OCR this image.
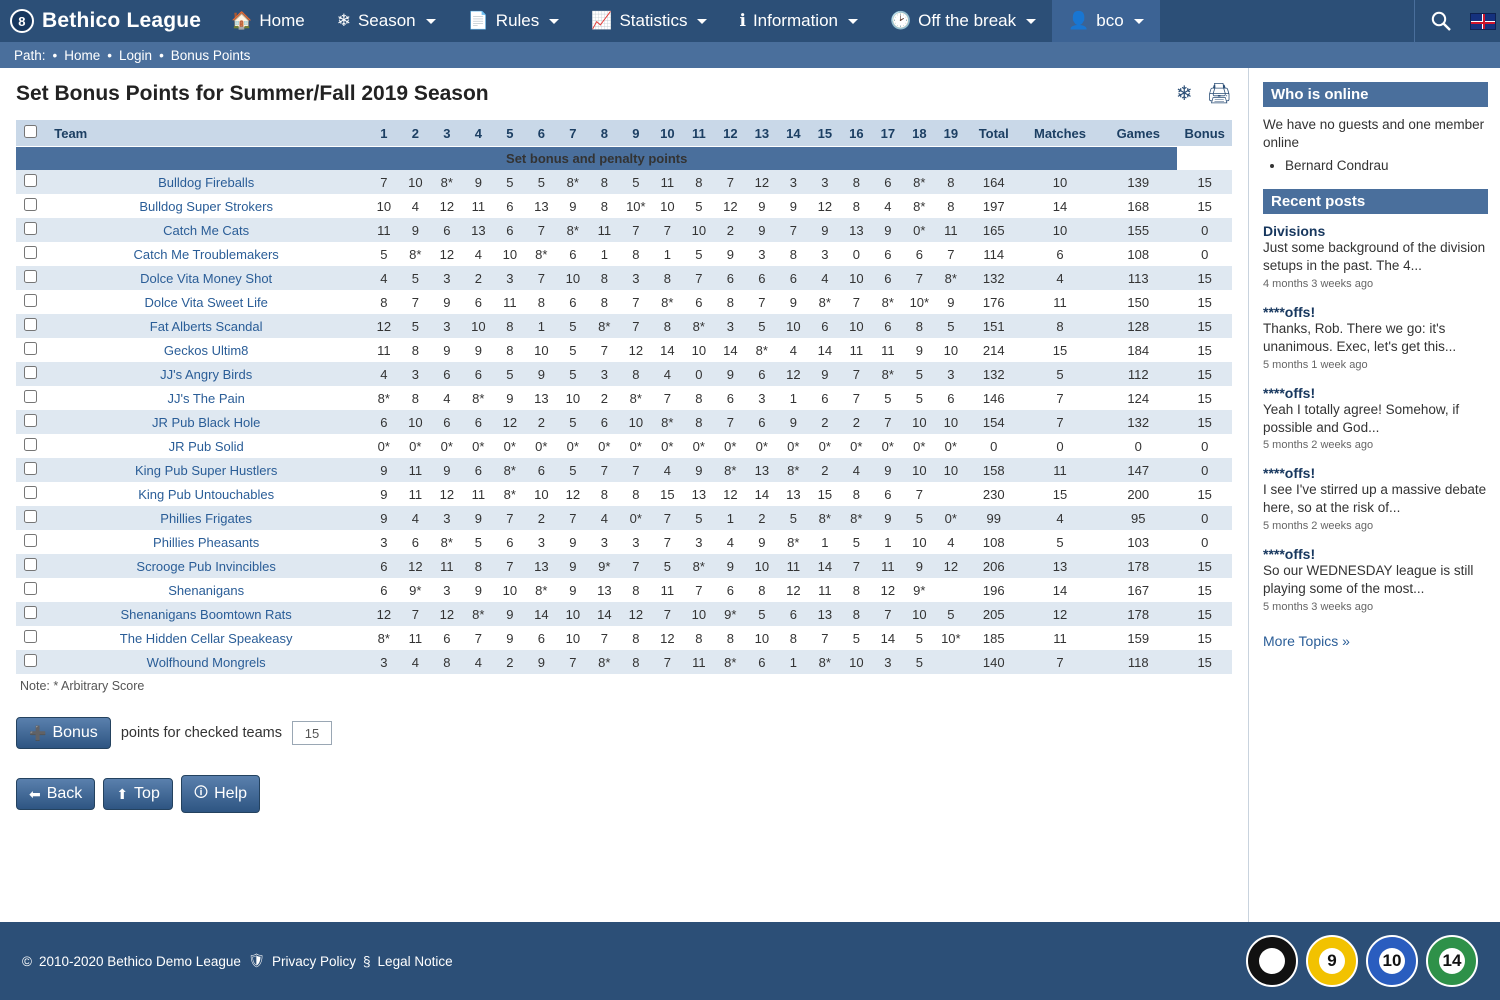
8 Bethico League 🏠 Home ❄ Season	📄 Rules	📈 Statistics	ℹ Information	🕑 Off the break	👤 bco
Path: • Home • Login • Bonus Points
Set Bonus Points for Summer/Fall 2019 Season	❄ 🖨
	Team	1	2	3	4	5	6	7	8	9	10	11	12	13	14	15	16	17	18	19	Total	Matches	Games	Bonus
Set bonus and penalty points																								
	Bulldog Fireballs	7	10	8*	9	5	5	8*	8	5	11	8	7	12	3	3	8	6	8*	8	164	10	139	15
	Bulldog Super Strokers	10	4	12	11	6	13	9	8	10*	10	5	12	9	9	12	8	4	8*	8	197	14	168	15
	Catch Me Cats	11	9	6	13	6	7	8*	11	7	7	10	2	9	7	9	13	9	0*	11	165	10	155	0
	Catch Me Troublemakers	5	8*	12	4	10	8*	6	1	8	1	5	9	3	8	3	0	6	6	7	114	6	108	0
	Dolce Vita Money Shot	4	5	3	2	3	7	10	8	3	8	7	6	6	6	4	10	6	7	8*	132	4	113	15
	Dolce Vita Sweet Life	8	7	9	6	11	8	6	8	7	8*	6	8	7	9	8*	7	8*	10*	9	176	11	150	15
	Fat Alberts Scandal	12	5	3	10	8	1	5	8*	7	8	8*	3	5	10	6	10	6	8	5	151	8	128	15
	Geckos Ultim8	11	8	9	9	8	10	5	7	12	14	10	14	8*	4	14	11	11	9	10	214	15	184	15
	JJ's Angry Birds	4	3	6	6	5	9	5	3	8	4	0	9	6	12	9	7	8*	5	3	132	5	112	15
	JJ's The Pain	8*	8	4	8*	9	13	10	2	8*	7	8	6	3	1	6	7	5	5	6	146	7	124	15
	JR Pub Black Hole	6	10	6	6	12	2	5	6	10	8*	8	7	6	9	2	2	7	10	10	154	7	132	15
	JR Pub Solid	0*	0*	0*	0*	0*	0*	0*	0*	0*	0*	0*	0*	0*	0*	0*	0*	0*	0*	0*	0	0	0	0
	King Pub Super Hustlers	9	11	9	6	8*	6	5	7	7	4	9	8*	13	8*	2	4	9	10	10	158	11	147	0
	King Pub Untouchables	9	11	12	11	8*	10	12	8	8	15	13	12	14	13	15	8	6	7		230	15	200	15
	Phillies Frigates	9	4	3	9	7	2	7	4	0*	7	5	1	2	5	8*	8*	9	5	0*	99	4	95	0
	Phillies Pheasants	3	6	8*	5	6	3	9	3	3	7	3	4	9	8*	1	5	1	10	4	108	5	103	0
	Scrooge Pub Invincibles	6	12	11	8	7	13	9	9*	7	5	8*	9	10	11	14	7	11	9	12	206	13	178	15
	Shenanigans	6	9*	3	9	10	8*	9	13	8	11	7	6	8	12	11	8	12	9*		196	14	167	15
	Shenanigans Boomtown Rats	12	7	12	8*	9	14	10	14	12	7	10	9*	5	6	13	8	7	10	5	205	12	178	15
	The Hidden Cellar Speakeasy	8*	11	6	7	9	6	10	7	8	12	8	8	10	8	7	5	14	5	10*	185	11	159	15
	Wolfhound Mongrels	3	4	8	4	2	9	7	8*	8	7	11	8*	6	1	8*	10	3	5		140	7	118	15
Note: * Arbitrary Score
➕ Bonus points for checked teams
15
⬅ Back ⬆ Top 🛈 Help
Who is online
We have no guests and one member online
• Bernard Condrau
Recent posts
Divisions
Just some background of the division setups in the past. The 4...
4 months 3 weeks ago
****offs!
Thanks, Rob. There we go: it's unanimous. Exec, let's get this...
5 months 1 week ago
****offs!
Yeah I totally agree! Somehow, if possible and God...
5 months 2 weeks ago
****offs!
I see I've stirred up a massive debate here, so at the risk of...
5 months 2 weeks ago
****offs!
So our WEDNESDAY league is still playing some of the most...
5 months 3 weeks ago
More Topics »
© 2010-2020 Bethico Demo League 🛡 Privacy Policy § Legal Notice	8	9	10 14
